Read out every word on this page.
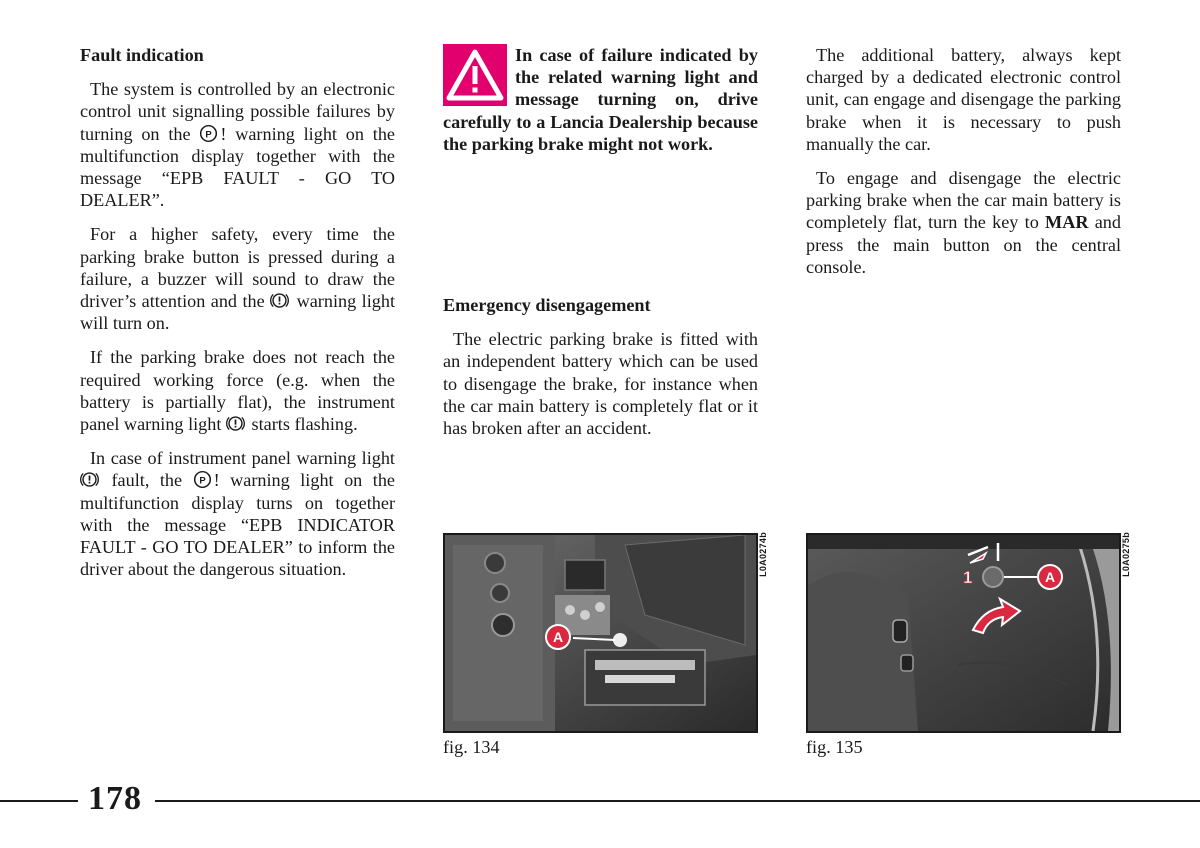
Fault indication

The system is controlled by an electronic control unit signalling possible failures by turning on the P ! warning light on the multifunction display together with the message “EPB FAULT - GO TO DEALER”.

For a higher safety, every time the parking brake button is pressed during a failure, a buzzer will sound to draw the driver’s attention and the  warning light will turn on.

If the parking brake does not reach the required working force (e.g. when the battery is partially flat), the instrument panel warning light  starts flashing.

In case of instrument panel warning light  fault, the P ! warning light on the multifunction display turns on together with the message “EPB INDICATOR FAULT - GO TO DEALER” to inform the driver about the dangerous situation.

In case of failure indicated by the related warning light and message turning on, drive carefully to a Lancia Dealership because the parking brake might not work.
Emergency disengagement

The electric parking brake is fitted with an independent battery which can be used to disengage the brake, for instance when the car main battery is completely flat or it has broken after an accident.

The additional battery, always kept charged by a dedicated electronic control unit, can engage and disengage the parking brake when it is necessary to push manually the car.

To engage and disengage the electric parking brake when the car main battery is completely flat, turn the key to MAR and press the main button on the central console.

A
L0A0274b
fig. 134
A
1
L0A0275b
fig. 135
178
